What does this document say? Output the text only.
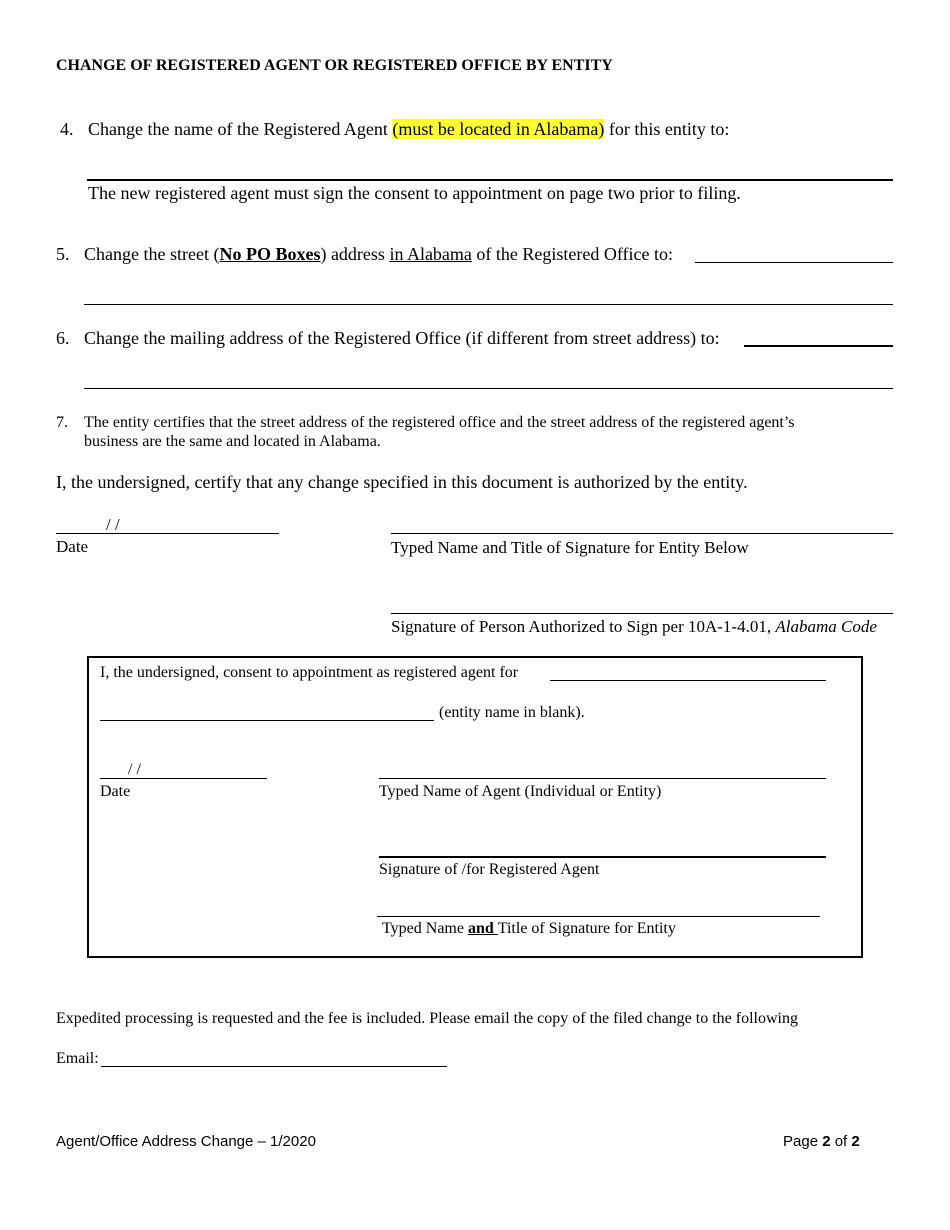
CHANGE OF REGISTERED AGENT OR REGISTERED OFFICE BY ENTITY
4. Change the name of the Registered Agent (must be located in Alabama) for this entity to:
The new registered agent must sign the consent to appointment on page two prior to filing.
5. Change the street (No PO Boxes) address in Alabama of the Registered Office to:
6. Change the mailing address of the Registered Office (if different from street address) to:
7. The entity certifies that the street address of the registered office and the street address of the registered agent’s
business are the same and located in Alabama.
I, the undersigned, certify that any change specified in this document is authorized by the entity.
/ /
Date	Typed Name and Title of Signature for Entity Below
Signature of Person Authorized to Sign per 10A-1-4.01, Alabama Code
I, the undersigned, consent to appointment as registered agent for
(entity name in blank).
/ /
Date	Typed Name of Agent (Individual or Entity)
Signature of /for Registered Agent
Typed Name and Title of Signature for Entity
Expedited processing is requested and the fee is included. Please email the copy of the filed change to the following
Email:
Agent/Office Address Change – 1/2020	Page 2 of 2
